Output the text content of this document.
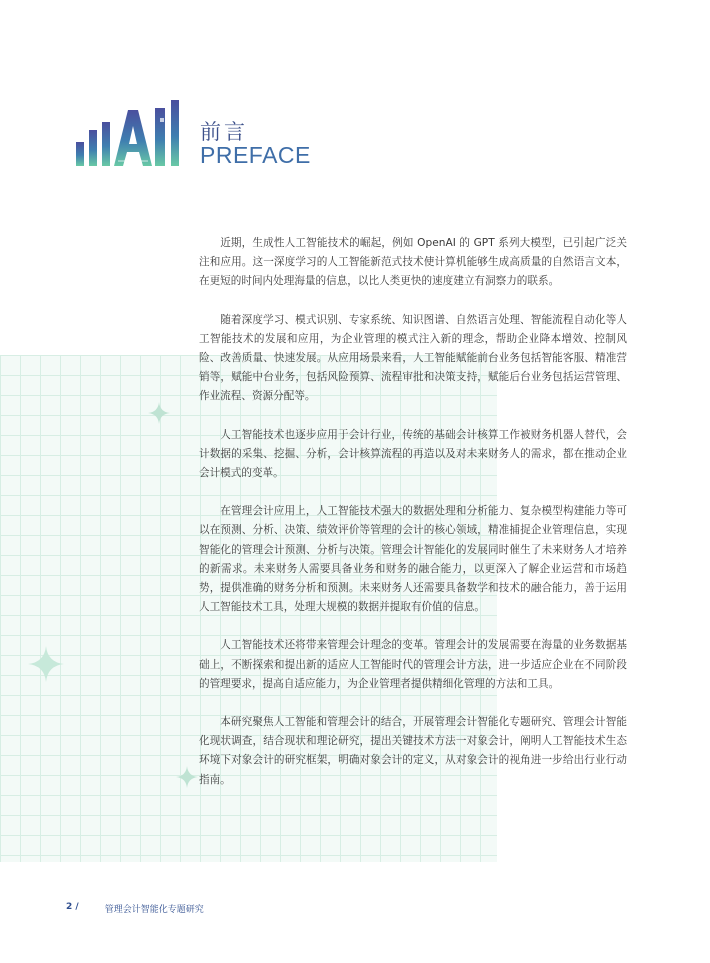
前言
PREFACE

近期，生成性人工智能技术的崛起，例如 OpenAI 的 GPT 系列大模型，已引起广泛关注和应用。这一深度学习的人工智能新范式技术使计算机能够生成高质量的自然语言文本，在更短的时间内处理海量的信息，以比人类更快的速度建立有洞察力的联系。

随着深度学习、模式识别、专家系统、知识图谱、自然语言处理、智能流程自动化等人工智能技术的发展和应用，为企业管理的模式注入新的理念，帮助企业降本增效、控制风险、改善质量、快速发展。从应用场景来看，人工智能赋能前台业务包括智能客服、精准营销等，赋能中台业务，包括风险预算、流程审批和决策支持，赋能后台业务包括运营管理、作业流程、资源分配等。

人工智能技术也逐步应用于会计行业，传统的基础会计核算工作被财务机器人替代，会计数据的采集、挖掘、分析，会计核算流程的再造以及对未来财务人的需求，都在推动企业会计模式的变革。

在管理会计应用上，人工智能技术强大的数据处理和分析能力、复杂模型构建能力等可以在预测、分析、决策、绩效评价等管理的会计的核心领域，精准捕捉企业管理信息，实现智能化的管理会计预测、分析与决策。管理会计智能化的发展同时催生了未来财务人才培养的新需求。未来财务人需要具备业务和财务的融合能力，以更深入了解企业运营和市场趋势，提供准确的财务分析和预测。未来财务人还需要具备数学和技术的融合能力，善于运用人工智能技术工具，处理大规模的数据并提取有价值的信息。

人工智能技术还将带来管理会计理念的变革。管理会计的发展需要在海量的业务数据基础上，不断探索和提出新的适应人工智能时代的管理会计方法，进一步适应企业在不同阶段的管理要求，提高自适应能力，为企业管理者提供精细化管理的方法和工具。

本研究聚焦人工智能和管理会计的结合，开展管理会计智能化专题研究、管理会计智能化现状调查，结合现状和理论研究，提出关键技术方法一对象会计，阐明人工智能技术生态环境下对象会计的研究框架，明确对象会计的定义，从对象会计的视角进一步给出行业行动指南。

2 /	管理会计智能化专题研究
